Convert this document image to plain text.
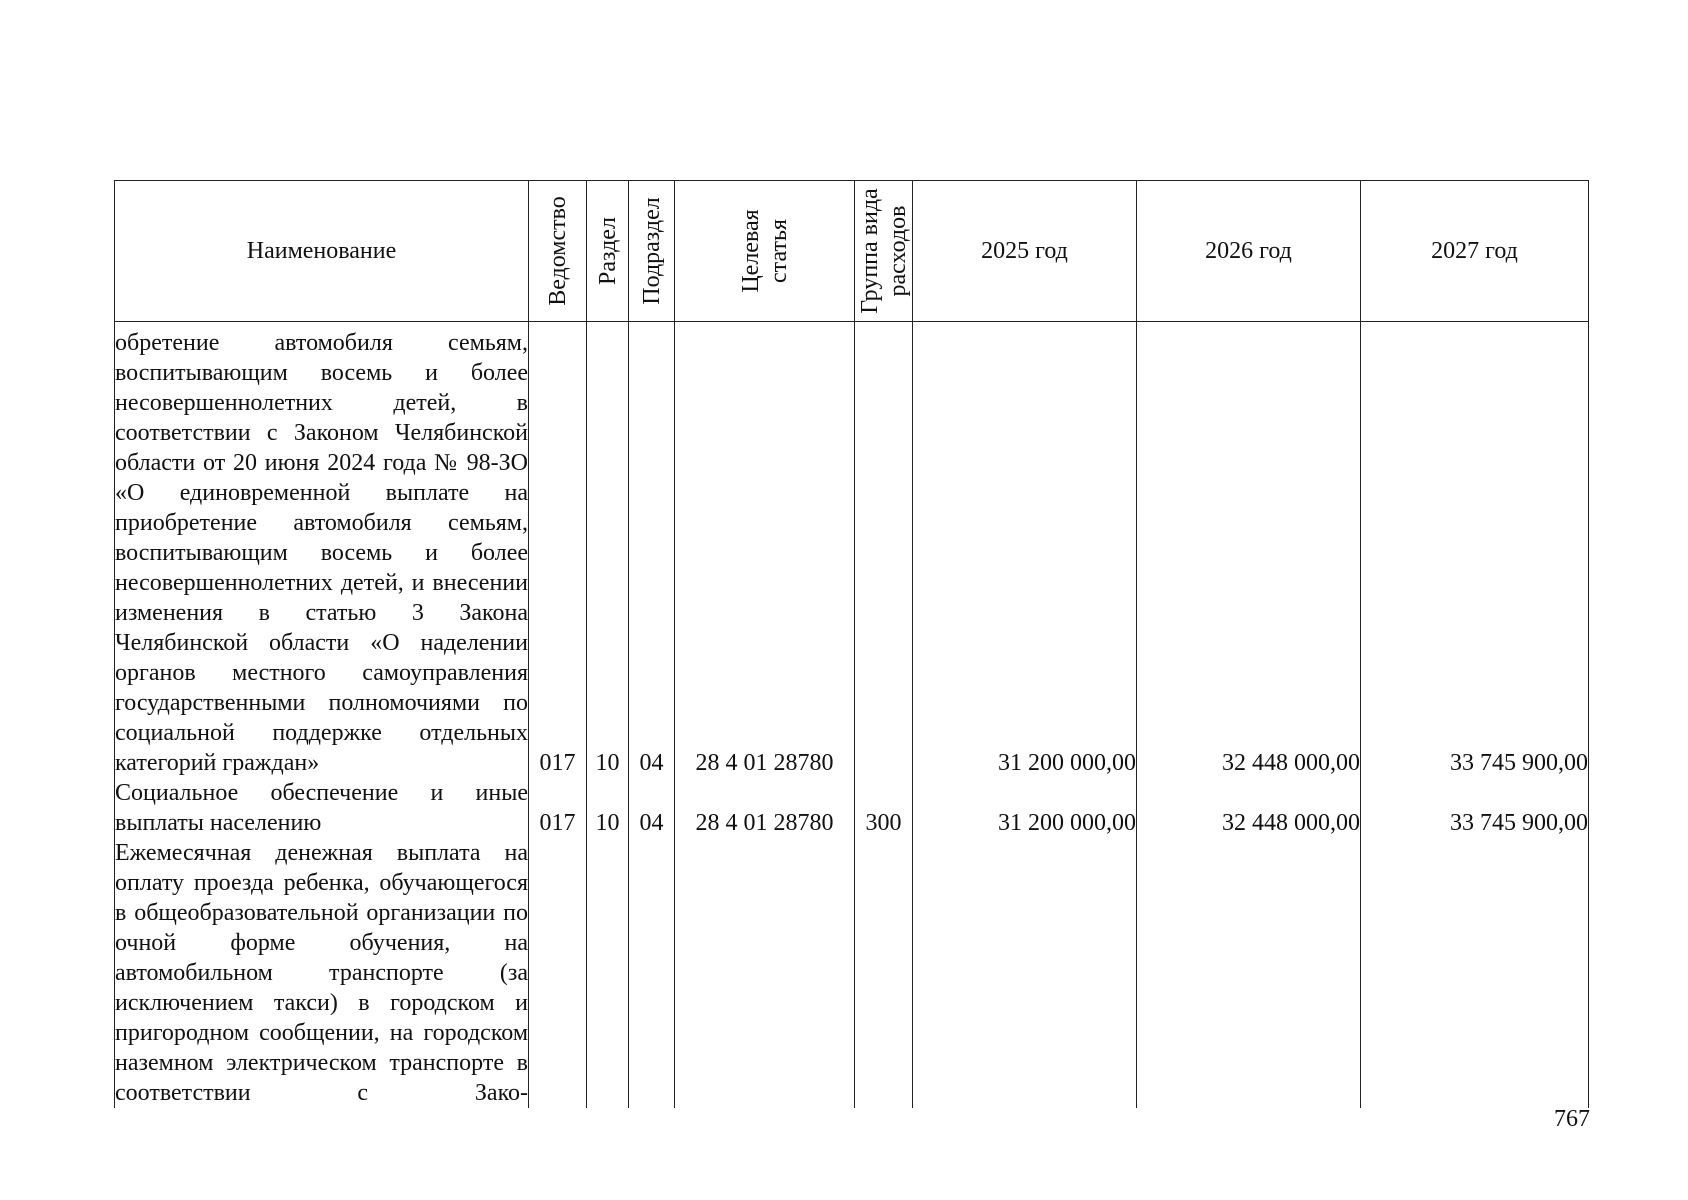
Наименование	Ведомство	Раздел	Подраздел	Целевая статья	Группа вида расходов	2025 год	2026 год	2027 год

обретение автомобиля семьям, воспитывающим восемь и более несовершеннолетних детей, в соответствии с Законом Челябинской области от 20 июня 2024 года № 98-ЗО «О единовременной выплате на приобретение автомобиля семьям, воспитывающим восемь и более несовершеннолетних детей, и внесении изменения в статью 3 Закона Челябинской области «О наделении органов местного самоуправления государственными полномочиями по социальной поддержке отдельных категорий граждан»	017	10	04	28 4 01 28780		31 200 000,00	32 448 000,00	33 745 900,00

Социальное обеспечение и иные выплаты населению	017	10	04	28 4 01 28780	300	31 200 000,00	32 448 000,00	33 745 900,00

Ежемесячная денежная выплата на оплату проезда ребенка, обучающегося в общеобразовательной организации по очной форме обучения, на автомобильном транспорте (за исключением такси) в городском и пригородном сообщении, на городском наземном электрическом транспорте в соответствии с Зако-								

767
